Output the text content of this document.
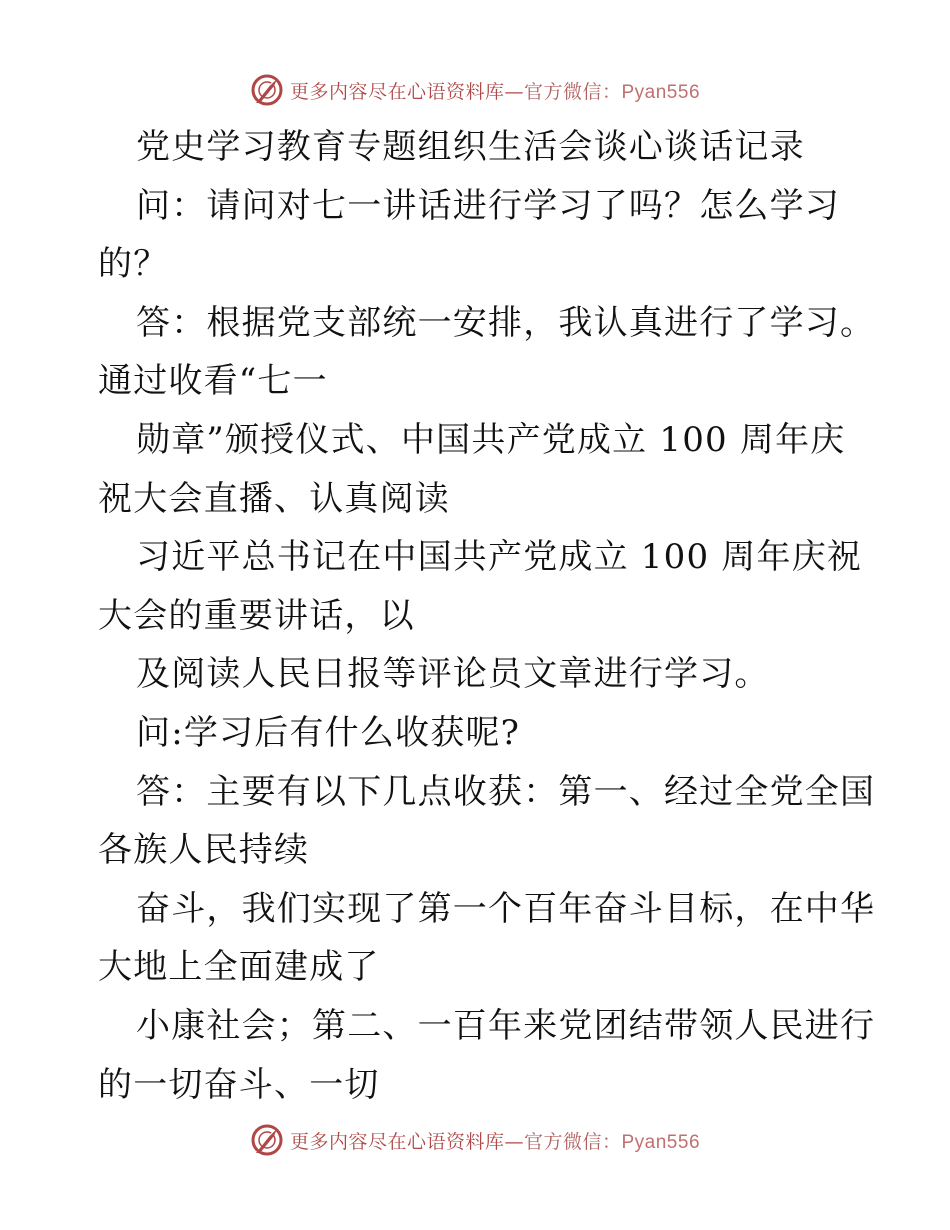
更多内容尽在心语资料库—官方微信：Pyan556
党史学习教育专题组织生活会谈心谈话记录
问：请问对七一讲话进行学习了吗？怎么学习
的？
答：根据党支部统一安排，我认真进行了学习。
通过收看“七一
勋章”颁授仪式、中国共产党成立 100 周年庆
祝大会直播、认真阅读
习近平总书记在中国共产党成立 100 周年庆祝
大会的重要讲话，以
及阅读人民日报等评论员文章进行学习。
问:学习后有什么收获呢?
答：主要有以下几点收获：第一、经过全党全国
各族人民持续
奋斗，我们实现了第一个百年奋斗目标，在中华
大地上全面建成了
小康社会；第二、一百年来党团结带领人民进行
的一切奋斗、一切
更多内容尽在心语资料库—官方微信：Pyan556
